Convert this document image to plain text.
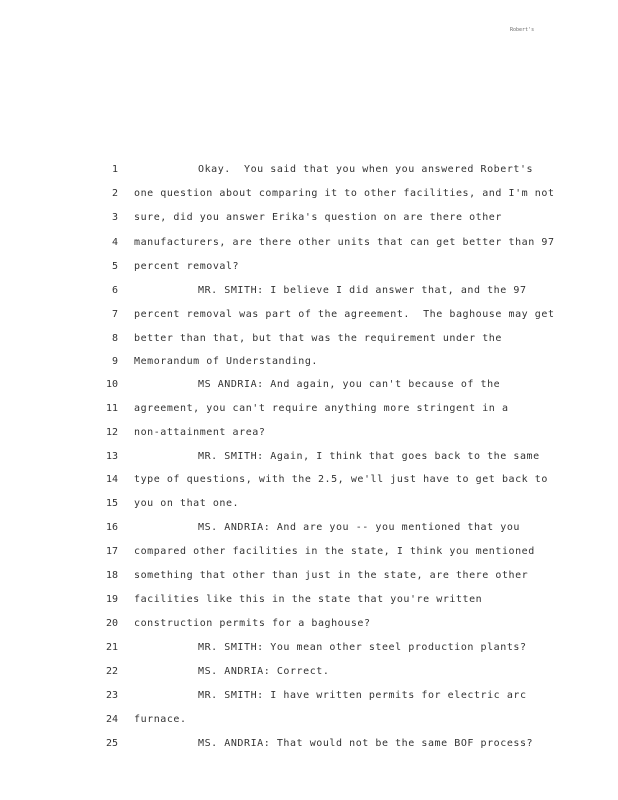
Robert's
1	Okay.  You said that you when you answered Robert's
2 one question about comparing it to other facilities, and I'm not
3 sure, did you answer Erika's question on are there other
4 manufacturers, are there other units that can get better than 97
5 percent removal?
6	MR. SMITH: I believe I did answer that, and the 97
7 percent removal was part of the agreement.  The baghouse may get
8 better than that, but that was the requirement under the
9 Memorandum of Understanding.
10	MS ANDRIA: And again, you can't because of the
11 agreement, you can't require anything more stringent in a
12 non-attainment area?
13	MR. SMITH: Again, I think that goes back to the same
14 type of questions, with the 2.5, we'll just have to get back to
15 you on that one.
16	MS. ANDRIA: And are you -- you mentioned that you
17 compared other facilities in the state, I think you mentioned
18 something that other than just in the state, are there other
19 facilities like this in the state that you're written
20 construction permits for a baghouse?
21	MR. SMITH: You mean other steel production plants?
22	MS. ANDRIA: Correct.
23	MR. SMITH: I have written permits for electric arc
24 furnace.
25	MS. ANDRIA: That would not be the same BOF process?
